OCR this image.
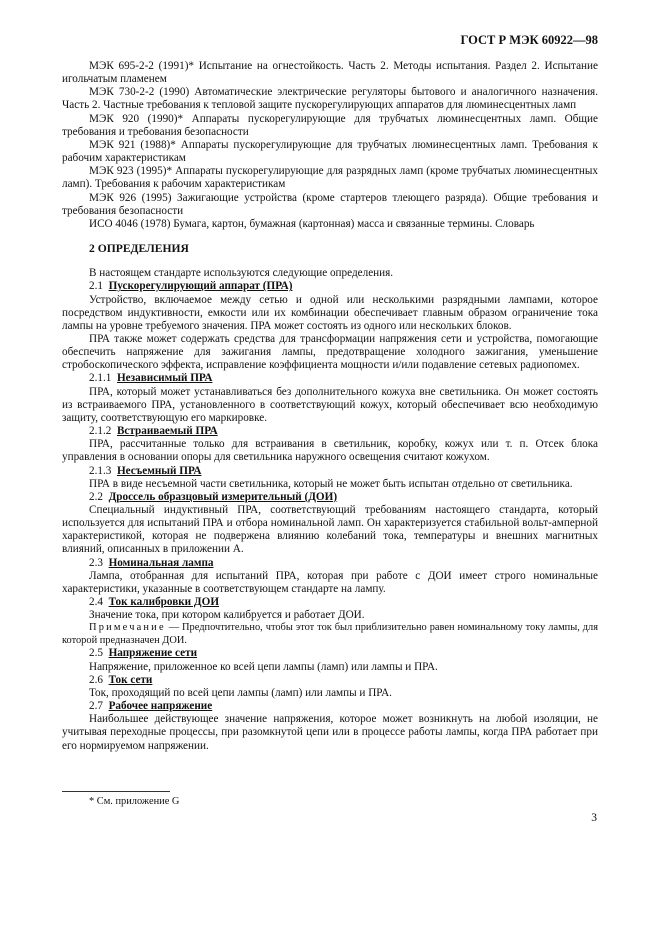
ГОСТ Р МЭК 60922—98

МЭК 695-2-2 (1991)* Испытание на огнестойкость. Часть 2. Методы испытания. Раздел 2. Испытание игольчатым пламенем

МЭК 730-2-2 (1990) Автоматические электрические регуляторы бытового и аналогичного назначения. Часть 2. Частные требования к тепловой защите пускорегулирующих аппаратов для люминесцентных ламп

МЭК 920 (1990)* Аппараты пускорегулирующие для трубчатых люминесцентных ламп. Общие требования и требования безопасности

МЭК 921 (1988)* Аппараты пускорегулирующие для трубчатых люминесцентных ламп. Требования к рабочим характеристикам

МЭК 923 (1995)* Аппараты пускорегулирующие для разрядных ламп (кроме трубчатых люминесцентных ламп). Требования к рабочим характеристикам

МЭК 926 (1995) Зажигающие устройства (кроме стартеров тлеющего разряда). Общие требования и требования безопасности

ИСО 4046 (1978) Бумага, картон, бумажная (картонная) масса и связанные термины. Словарь

2 ОПРЕДЕЛЕНИЯ

В настоящем стандарте используются следующие определения.

2.1 Пускорегулирующий аппарат (ПРА)

Устройство, включаемое между сетью и одной или несколькими разрядными лампами, которое посредством индуктивности, емкости или их комбинации обеспечивает главным образом ограничение тока лампы на уровне требуемого значения. ПРА может состоять из одного или нескольких блоков.

ПРА также может содержать средства для трансформации напряжения сети и устройства, помогающие обеспечить напряжение для зажигания лампы, предотвращение холодного зажигания, уменьшение стробоскопического эффекта, исправление коэффициента мощности и/или подавление сетевых радиопомех.

2.1.1 Независимый ПРА

ПРА, который может устанавливаться без дополнительного кожуха вне светильника. Он может состоять из встраиваемого ПРА, установленного в соответствующий кожух, который обеспечивает всю необходимую защиту, соответствующую его маркировке.

2.1.2 Встраиваемый ПРА

ПРА, рассчитанные только для встраивания в светильник, коробку, кожух или т. п. Отсек блока управления в основании опоры для светильника наружного освещения считают кожухом.

2.1.3 Несъемный ПРА

ПРА в виде несъемной части светильника, который не может быть испытан отдельно от светильника.

2.2 Дроссель образцовый измерительный (ДОИ)

Специальный индуктивный ПРА, соответствующий требованиям настоящего стандарта, который используется для испытаний ПРА и отбора номинальной ламп. Он характеризуется стабильной вольт-амперной характеристикой, которая не подвержена влиянию колебаний тока, температуры и внешних магнитных влияний, описанных в приложении А.

2.3 Номинальная лампа

Лампа, отобранная для испытаний ПРА, которая при работе с ДОИ имеет строго номинальные характеристики, указанные в соответствующем стандарте на лампу.

2.4 Ток калибровки ДОИ

Значение тока, при котором калибруется и работает ДОИ.

Примечание — Предпочтительно, чтобы этот ток был приблизительно равен номинальному току лампы, для которой предназначен ДОИ.

2.5 Напряжение сети

Напряжение, приложенное ко всей цепи лампы (ламп) или лампы и ПРА.

2.6 Ток сети

Ток, проходящий по всей цепи лампы (ламп) или лампы и ПРА.

2.7 Рабочее напряжение

Наибольшее действующее значение напряжения, которое может возникнуть на любой изоляции, не учитывая переходные процессы, при разомкнутой цепи или в процессе работы лампы, когда ПРА работает при его нормируемом напряжении.

* См. приложение G
3
